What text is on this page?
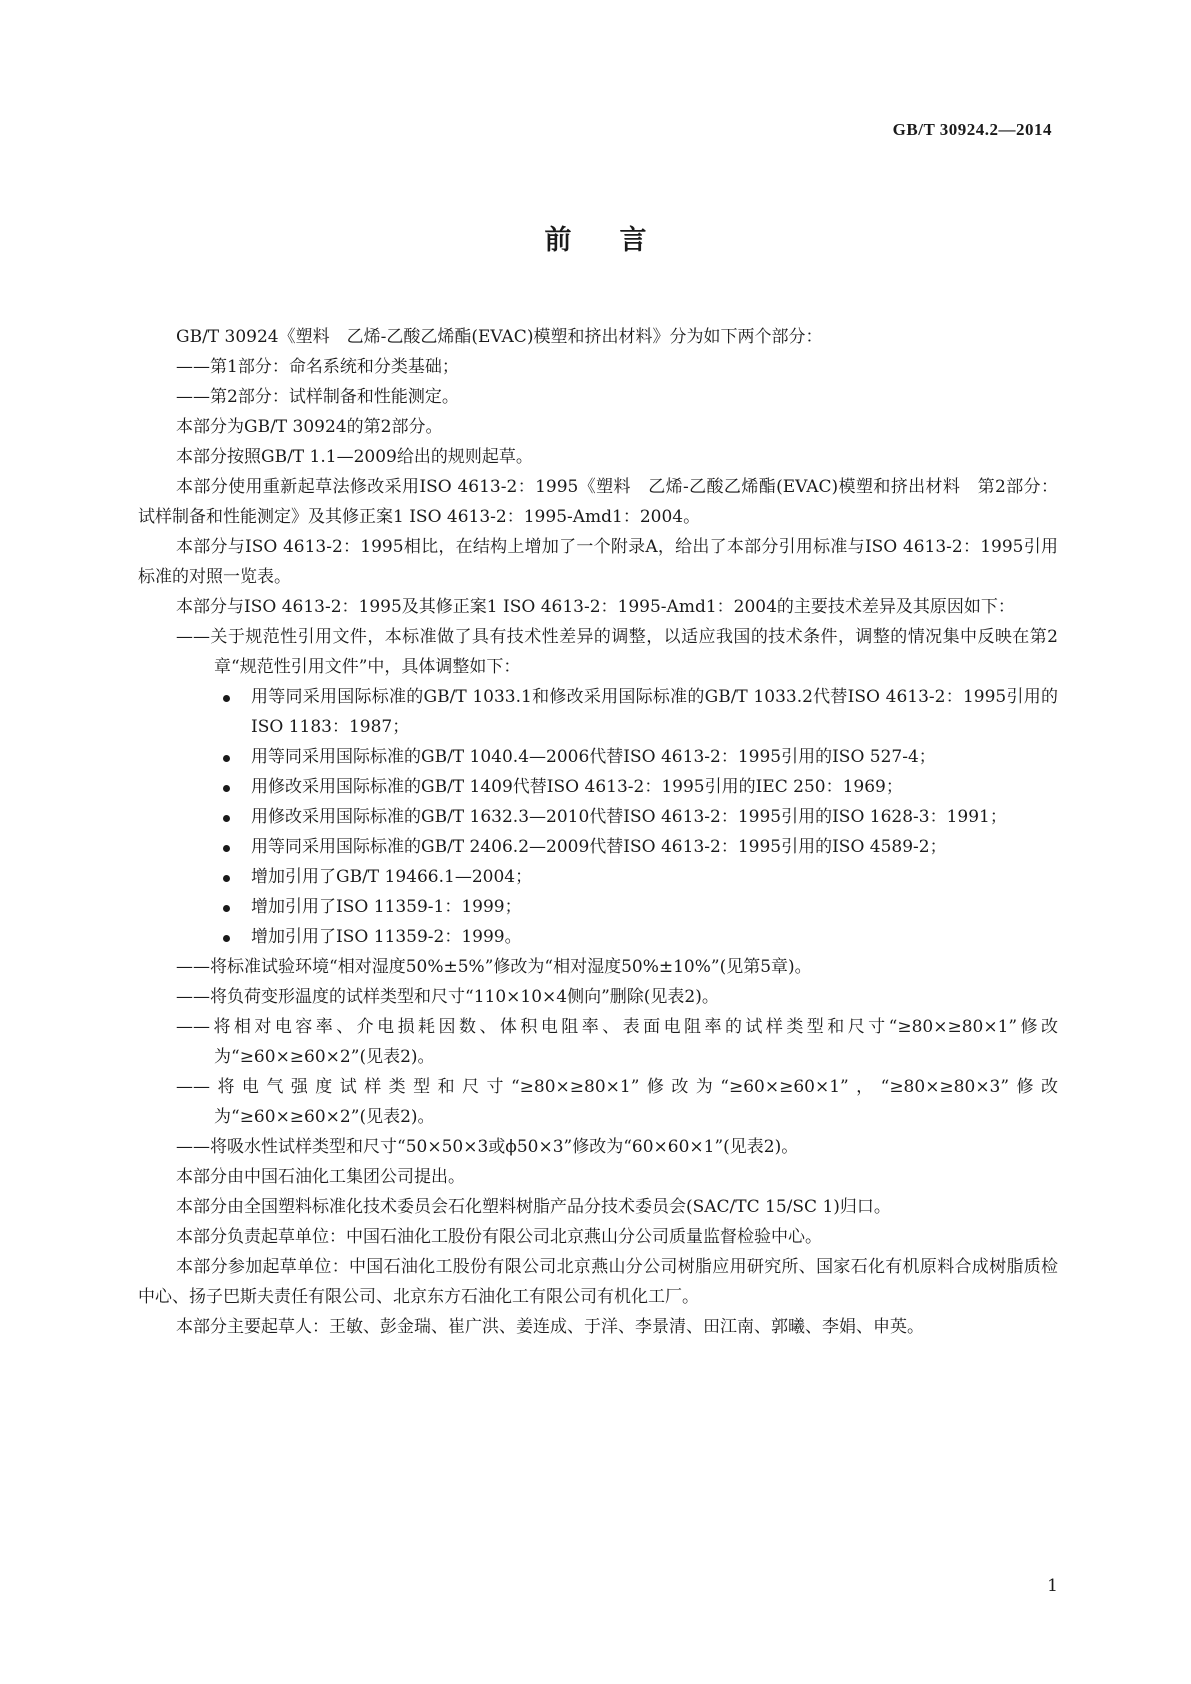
GB/T 30924.2—2014
前言

GB/T 30924《塑料　乙烯-乙酸乙烯酯(EVAC)模塑和挤出材料》分为如下两个部分：

——第1部分：命名系统和分类基础；

——第2部分：试样制备和性能测定。

本部分为GB/T 30924的第2部分。

本部分按照GB/T 1.1—2009给出的规则起草。

本部分使用重新起草法修改采用ISO 4613-2：1995《塑料　乙烯-乙酸乙烯酯(EVAC)模塑和挤出材料　第2部分：试样制备和性能测定》及其修正案1 ISO 4613-2：1995-Amd1：2004。

本部分与ISO 4613-2：1995相比，在结构上增加了一个附录A，给出了本部分引用标准与ISO 4613-2：1995引用标准的对照一览表。

本部分与ISO 4613-2：1995及其修正案1 ISO 4613-2：1995-Amd1：2004的主要技术差异及其原因如下：

——关于规范性引用文件，本标准做了具有技术性差异的调整，以适应我国的技术条件，调整的情况集中反映在第2章“规范性引用文件”中，具体调整如下：

用等同采用国际标准的GB/T 1033.1和修改采用国际标准的GB/T 1033.2代替ISO 4613-2：1995引用的ISO 1183：1987；
用等同采用国际标准的GB/T 1040.4—2006代替ISO 4613-2：1995引用的ISO 527-4；
用修改采用国际标准的GB/T 1409代替ISO 4613-2：1995引用的IEC 250：1969；
用修改采用国际标准的GB/T 1632.3—2010代替ISO 4613-2：1995引用的ISO 1628-3：1991；
用等同采用国际标准的GB/T 2406.2—2009代替ISO 4613-2：1995引用的ISO 4589-2；
增加引用了GB/T 19466.1—2004；
增加引用了ISO 11359-1：1999；
增加引用了ISO 11359-2：1999。

——将标准试验环境“相对湿度50%±5%”修改为“相对湿度50%±10%”(见第5章)。

——将负荷变形温度的试样类型和尺寸“110×10×4侧向”删除(见表2)。

——将相对电容率、介电损耗因数、体积电阻率、表面电阻率的试样类型和尺寸“≥80×≥80×1”修改为“≥60×≥60×2”(见表2)。

——将电气强度试样类型和尺寸“≥80×≥80×1”修改为“≥60×≥60×1”，“≥80×≥80×3”修改为“≥60×≥60×2”(见表2)。

——将吸水性试样类型和尺寸“50×50×3或ϕ50×3”修改为“60×60×1”(见表2)。

本部分由中国石油化工集团公司提出。

本部分由全国塑料标准化技术委员会石化塑料树脂产品分技术委员会(SAC/TC 15/SC 1)归口。

本部分负责起草单位：中国石油化工股份有限公司北京燕山分公司质量监督检验中心。

本部分参加起草单位：中国石油化工股份有限公司北京燕山分公司树脂应用研究所、国家石化有机原料合成树脂质检中心、扬子巴斯夫责任有限公司、北京东方石油化工有限公司有机化工厂。

本部分主要起草人：王敏、彭金瑞、崔广洪、姜连成、于洋、李景清、田江南、郭曦、李娟、申英。

1
